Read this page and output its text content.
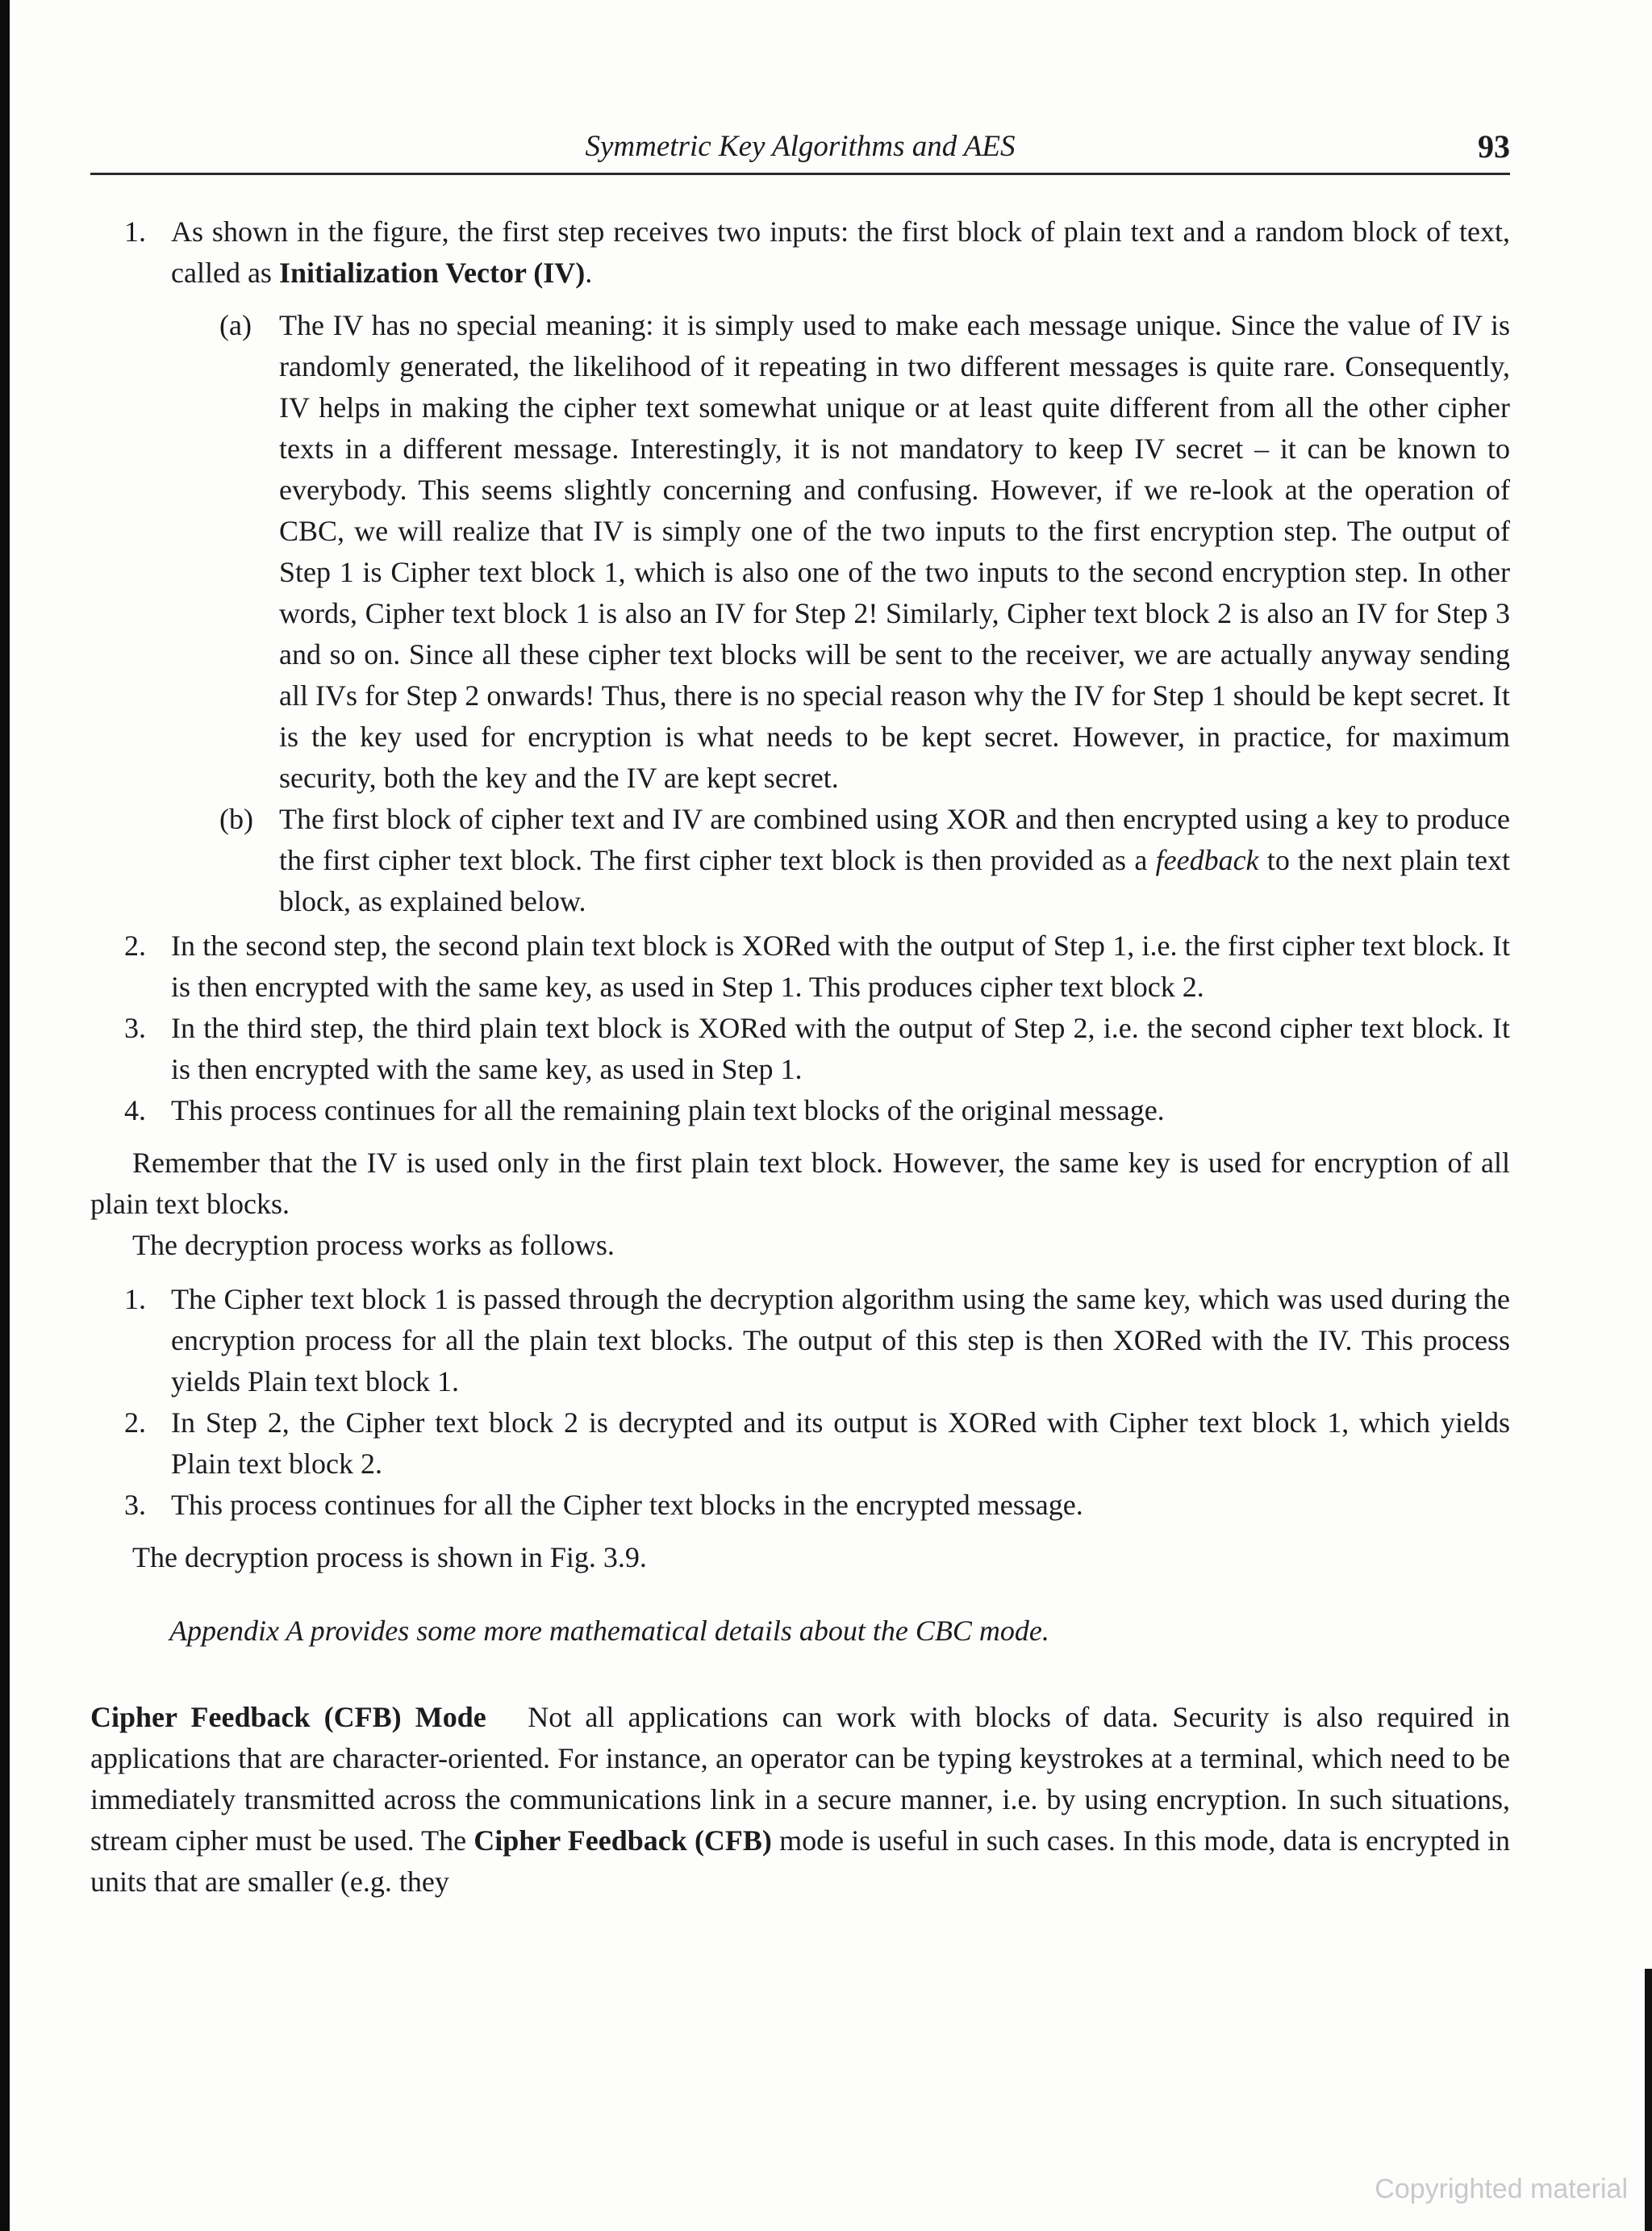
Symmetric Key Algorithms and AES	93
1. As shown in the figure, the first step receives two inputs: the first block of plain text and a random block of text, called as Initialization Vector (IV).
(a) The IV has no special meaning: it is simply used to make each message unique. Since the value of IV is randomly generated, the likelihood of it repeating in two different messages is quite rare. Consequently, IV helps in making the cipher text somewhat unique or at least quite different from all the other cipher texts in a different message. Interestingly, it is not mandatory to keep IV secret – it can be known to everybody. This seems slightly concerning and confusing. However, if we re-look at the operation of CBC, we will realize that IV is simply one of the two inputs to the first encryption step. The output of Step 1 is Cipher text block 1, which is also one of the two inputs to the second encryption step. In other words, Cipher text block 1 is also an IV for Step 2! Similarly, Cipher text block 2 is also an IV for Step 3 and so on. Since all these cipher text blocks will be sent to the receiver, we are actually anyway sending all IVs for Step 2 onwards! Thus, there is no special reason why the IV for Step 1 should be kept secret. It is the key used for encryption is what needs to be kept secret. However, in practice, for maximum security, both the key and the IV are kept secret.
(b) The first block of cipher text and IV are combined using XOR and then encrypted using a key to produce the first cipher text block. The first cipher text block is then provided as a feedback to the next plain text block, as explained below.
2. In the second step, the second plain text block is XORed with the output of Step 1, i.e. the first cipher text block. It is then encrypted with the same key, as used in Step 1. This produces cipher text block 2.
3. In the third step, the third plain text block is XORed with the output of Step 2, i.e. the second cipher text block. It is then encrypted with the same key, as used in Step 1.
4. This process continues for all the remaining plain text blocks of the original message.

Remember that the IV is used only in the first plain text block. However, the same key is used for encryption of all plain text blocks.

The decryption process works as follows.

1. The Cipher text block 1 is passed through the decryption algorithm using the same key, which was used during the encryption process for all the plain text blocks. The output of this step is then XORed with the IV. This process yields Plain text block 1.
2. In Step 2, the Cipher text block 2 is decrypted and its output is XORed with Cipher text block 1, which yields Plain text block 2.
3. This process continues for all the Cipher text blocks in the encrypted message.

The decryption process is shown in Fig. 3.9.

Appendix A provides some more mathematical details about the CBC mode.

Cipher Feedback (CFB) Mode Not all applications can work with blocks of data. Security is also required in applications that are character-oriented. For instance, an operator can be typing keystrokes at a terminal, which need to be immediately transmitted across the communications link in a secure manner, i.e. by using encryption. In such situations, stream cipher must be used. The Cipher Feedback (CFB) mode is useful in such cases. In this mode, data is encrypted in units that are smaller (e.g. they

Copyrighted material
